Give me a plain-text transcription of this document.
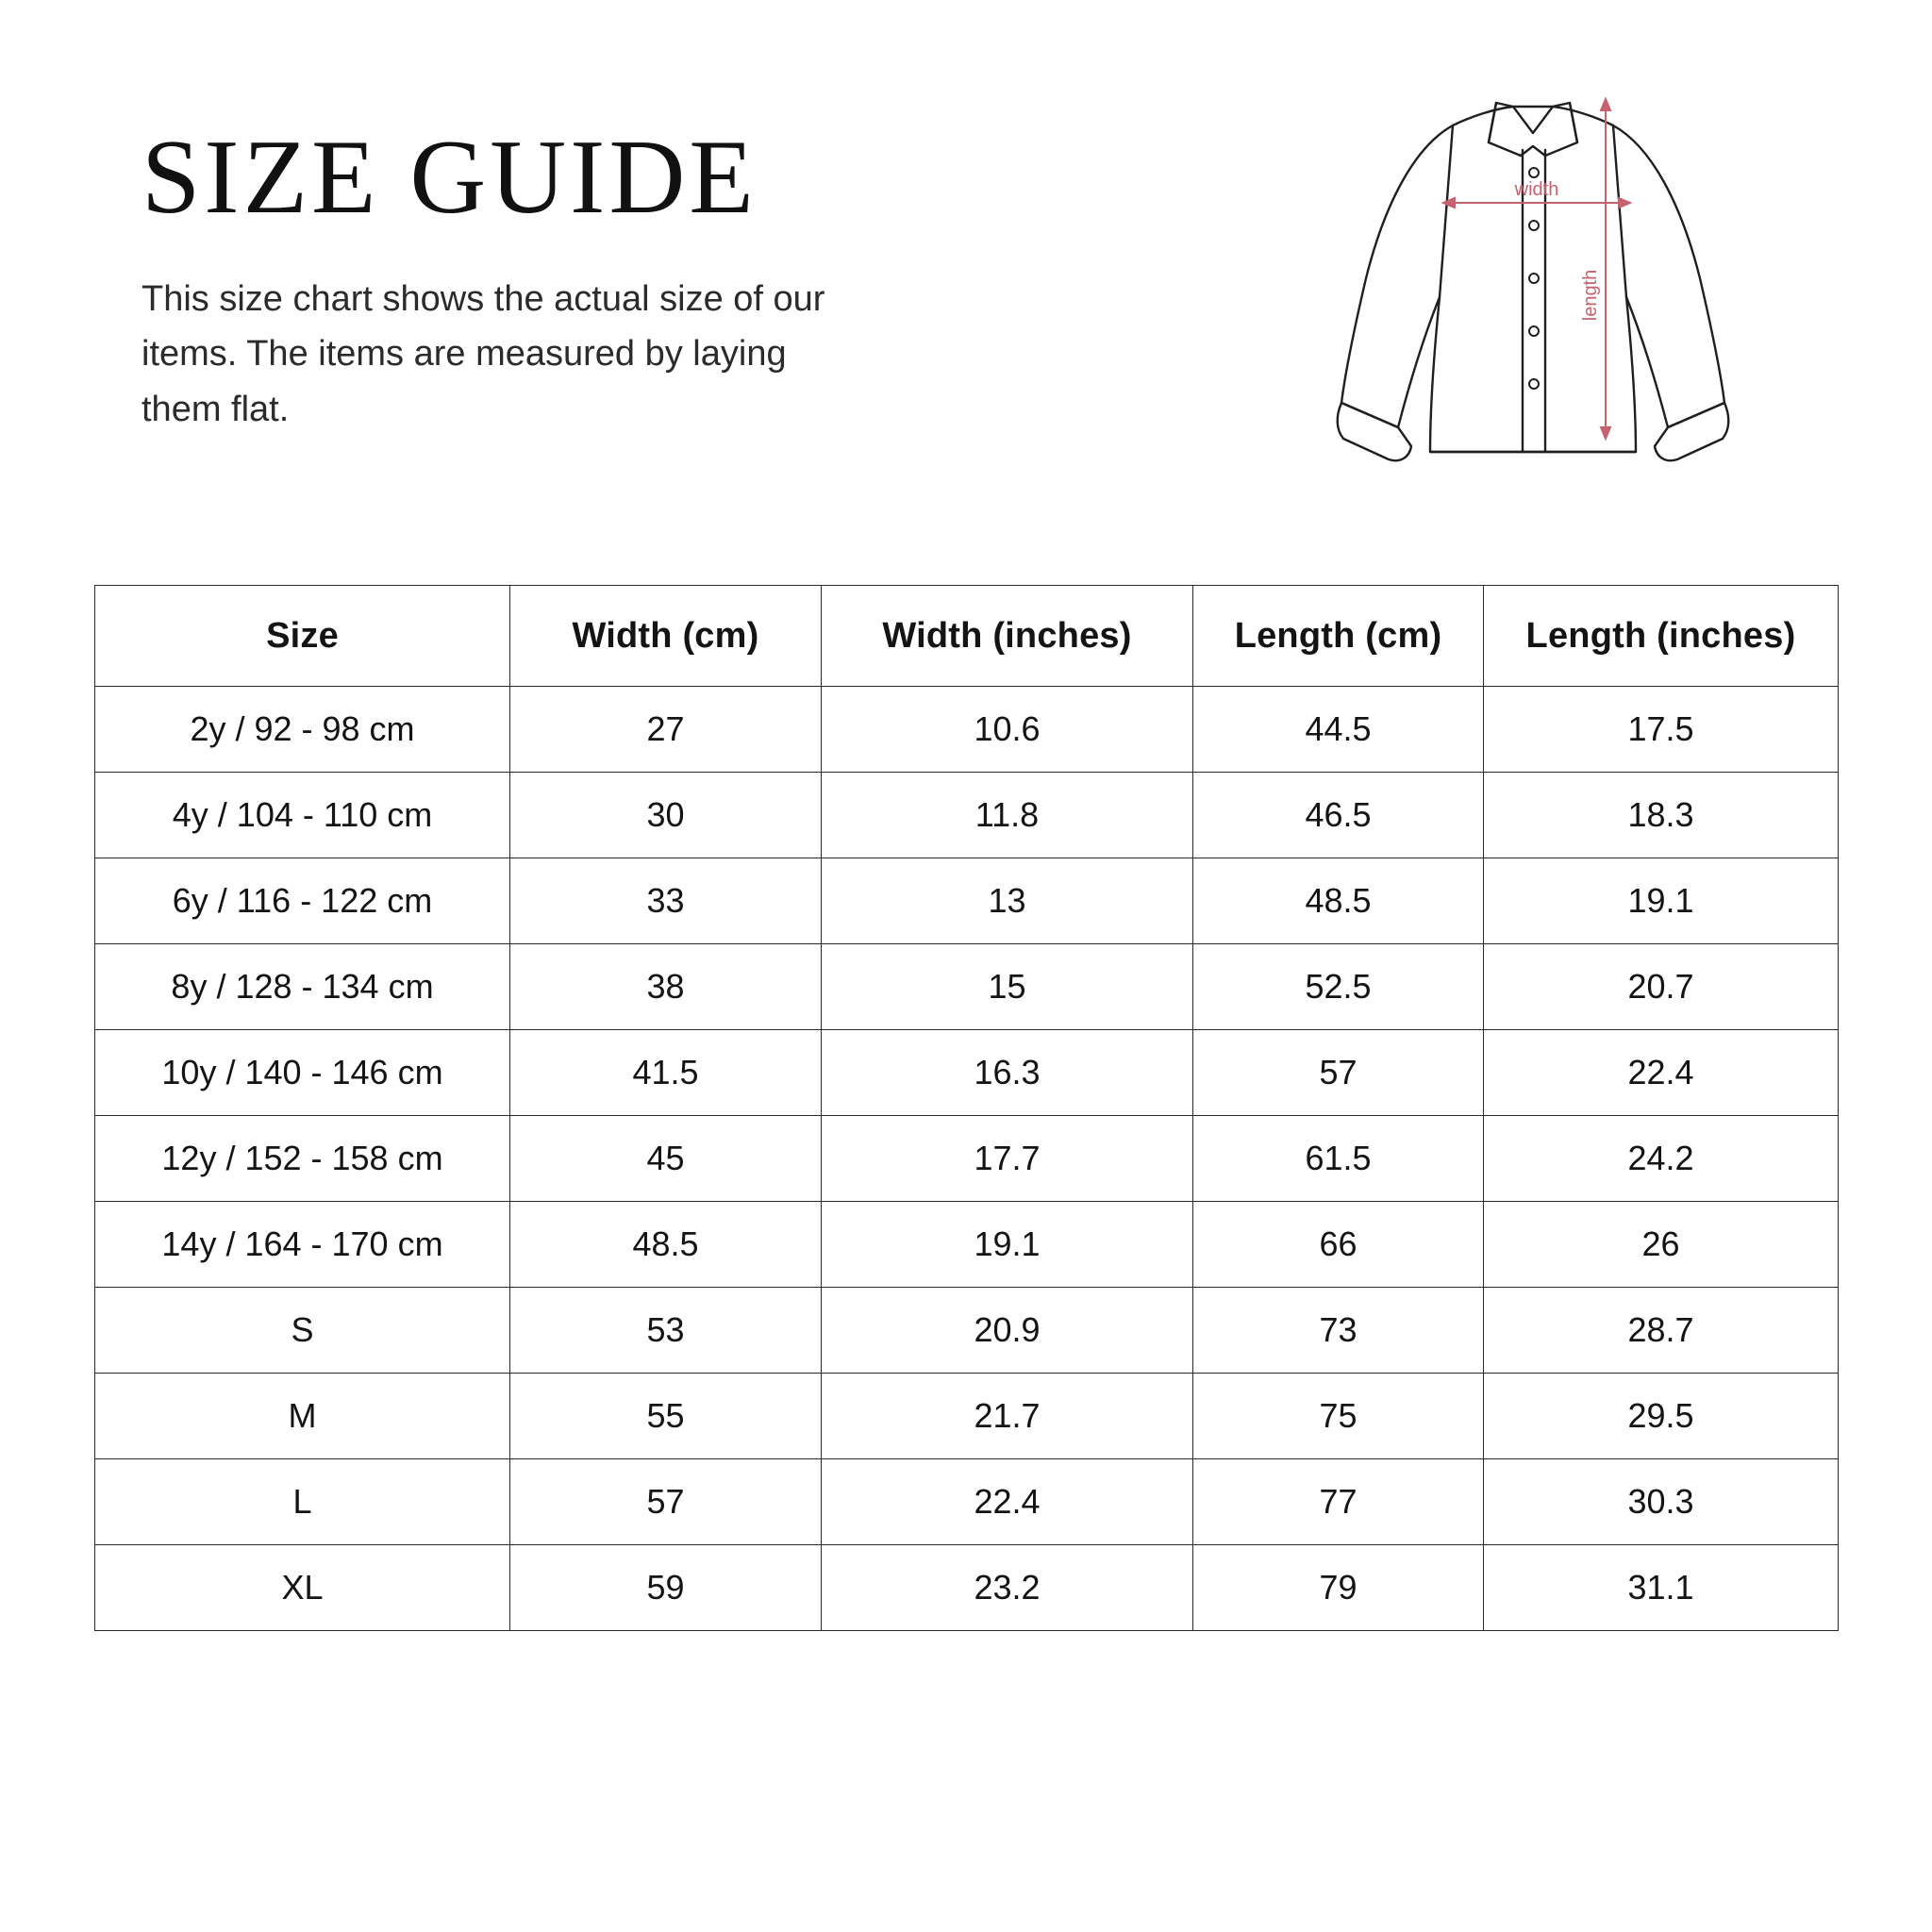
SIZE GUIDE

This size chart shows the actual size of our items. The items are measured by laying them flat.

width
length
Size	Width (cm)	Width (inches)	Length (cm)	Length (inches)
2y / 92 - 98 cm	27	10.6	44.5	17.5
4y / 104 - 110 cm	30	11.8	46.5	18.3
6y / 116 - 122 cm	33	13	48.5	19.1
8y / 128 - 134 cm	38	15	52.5	20.7
10y / 140 - 146 cm	41.5	16.3	57	22.4
12y / 152 - 158 cm	45	17.7	61.5	24.2
14y / 164 - 170 cm	48.5	19.1	66	26
S	53	20.9	73	28.7
M	55	21.7	75	29.5
L	57	22.4	77	30.3
XL	59	23.2	79	31.1
